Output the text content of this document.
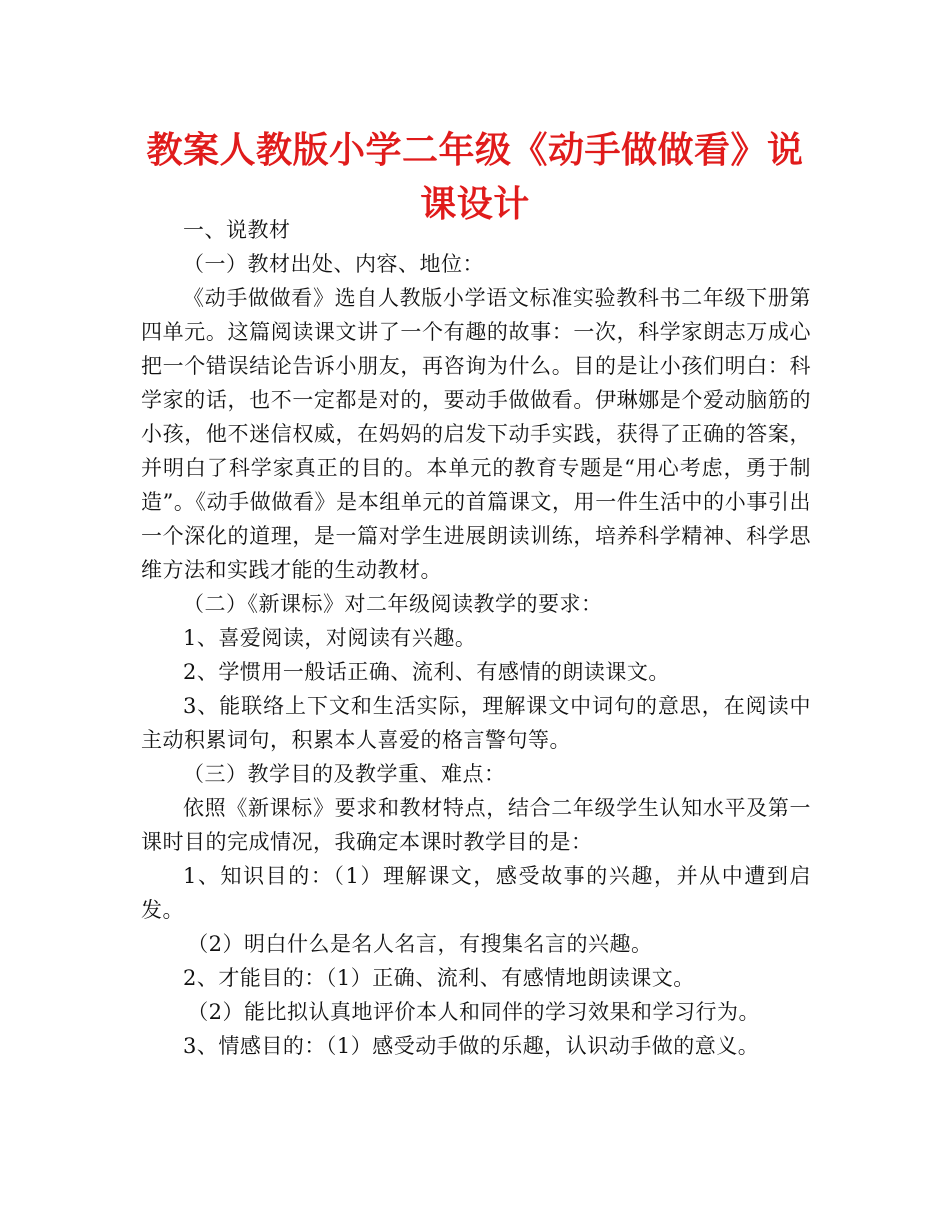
教案人教版小学二年级《动手做做看》说课设计

一、说教材

（一）教材出处、内容、地位：

《动手做做看》选自人教版小学语文标准实验教科书二年级下册第四单元。这篇阅读课文讲了一个有趣的故事：一次，科学家朗志万成心把一个错误结论告诉小朋友，再咨询为什么。目的是让小孩们明白：科学家的话，也不一定都是对的，要动手做做看。伊琳娜是个爱动脑筋的小孩，他不迷信权威，在妈妈的启发下动手实践，获得了正确的答案，并明白了科学家真正的目的。本单元的教育专题是“用心考虑，勇于制造”。《动手做做看》是本组单元的首篇课文，用一件生活中的小事引出一个深化的道理，是一篇对学生进展朗读训练，培养科学精神、科学思维方法和实践才能的生动教材。

（二）《新课标》对二年级阅读教学的要求：

1、喜爱阅读，对阅读有兴趣。

2、学惯用一般话正确、流利、有感情的朗读课文。

3、能联络上下文和生活实际，理解课文中词句的意思，在阅读中主动积累词句，积累本人喜爱的格言警句等。

（三）教学目的及教学重、难点：

依照《新课标》要求和教材特点，结合二年级学生认知水平及第一课时目的完成情况，我确定本课时教学目的是：

1、知识目的：（1）理解课文，感受故事的兴趣，并从中遭到启发。

（2）明白什么是名人名言，有搜集名言的兴趣。

2、才能目的：（1）正确、流利、有感情地朗读课文。

（2）能比拟认真地评价本人和同伴的学习效果和学习行为。

3、情感目的：（1）感受动手做的乐趣，认识动手做的意义。
